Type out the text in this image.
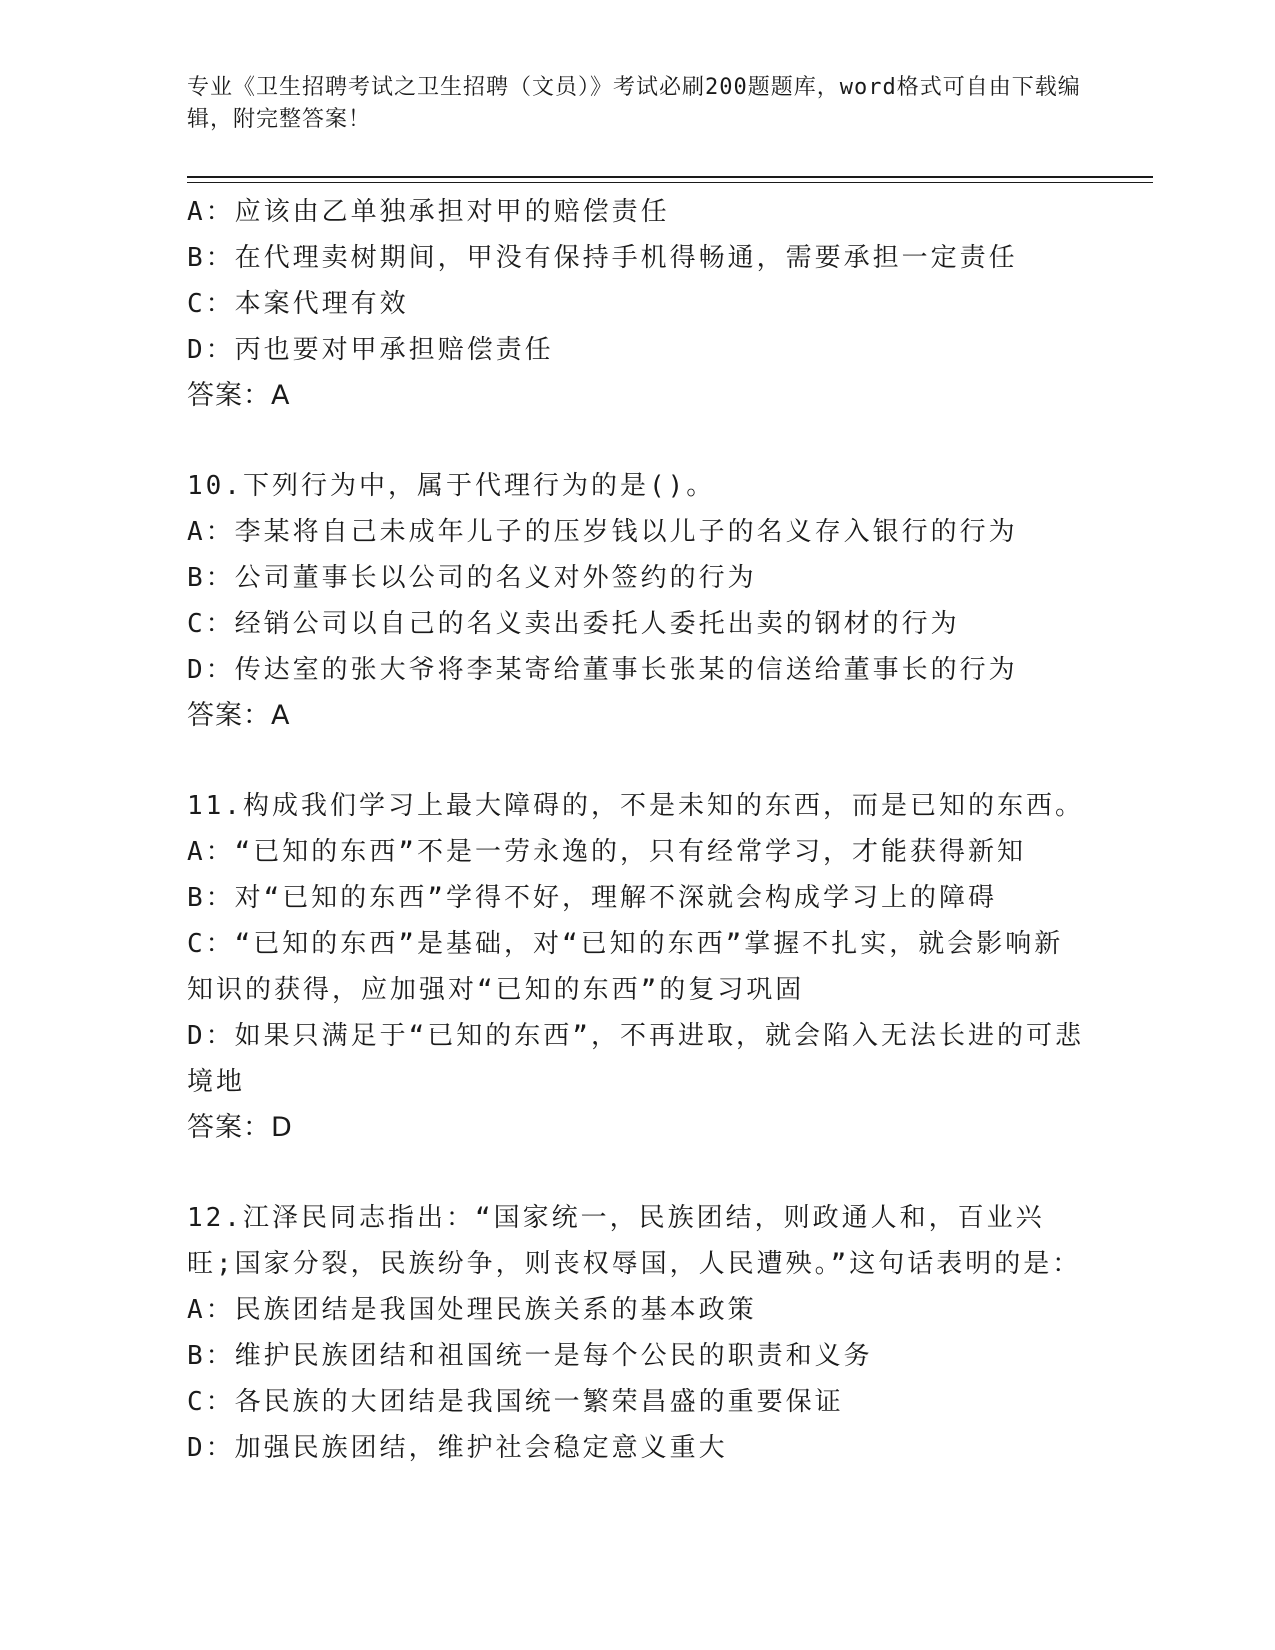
专业《卫生招聘考试之卫生招聘（文员）》考试必刷200题题库，word格式可自由下载编辑，附完整答案！
A：应该由乙单独承担对甲的赔偿责任
B：在代理卖树期间，甲没有保持手机得畅通，需要承担一定责任
C：本案代理有效
D：丙也要对甲承担赔偿责任
答案：A
10.下列行为中，属于代理行为的是()。
A：李某将自己未成年儿子的压岁钱以儿子的名义存入银行的行为
B：公司董事长以公司的名义对外签约的行为
C：经销公司以自己的名义卖出委托人委托出卖的钢材的行为
D：传达室的张大爷将李某寄给董事长张某的信送给董事长的行为
答案：A
11.构成我们学习上最大障碍的，不是未知的东西，而是已知的东西。
A：“已知的东西”不是一劳永逸的，只有经常学习，才能获得新知
B：对“已知的东西”学得不好，理解不深就会构成学习上的障碍
C：“已知的东西”是基础，对“已知的东西”掌握不扎实，就会影响新知识的获得，应加强对“已知的东西”的复习巩固
D：如果只满足于“已知的东西”，不再进取，就会陷入无法长进的可悲境地
答案：D
12.江泽民同志指出：“国家统一，民族团结，则政通人和，百业兴旺;国家分裂，民族纷争，则丧权辱国，人民遭殃。”这句话表明的是：
A：民族团结是我国处理民族关系的基本政策
B：维护民族团结和祖国统一是每个公民的职责和义务
C：各民族的大团结是我国统一繁荣昌盛的重要保证
D：加强民族团结，维护社会稳定意义重大
